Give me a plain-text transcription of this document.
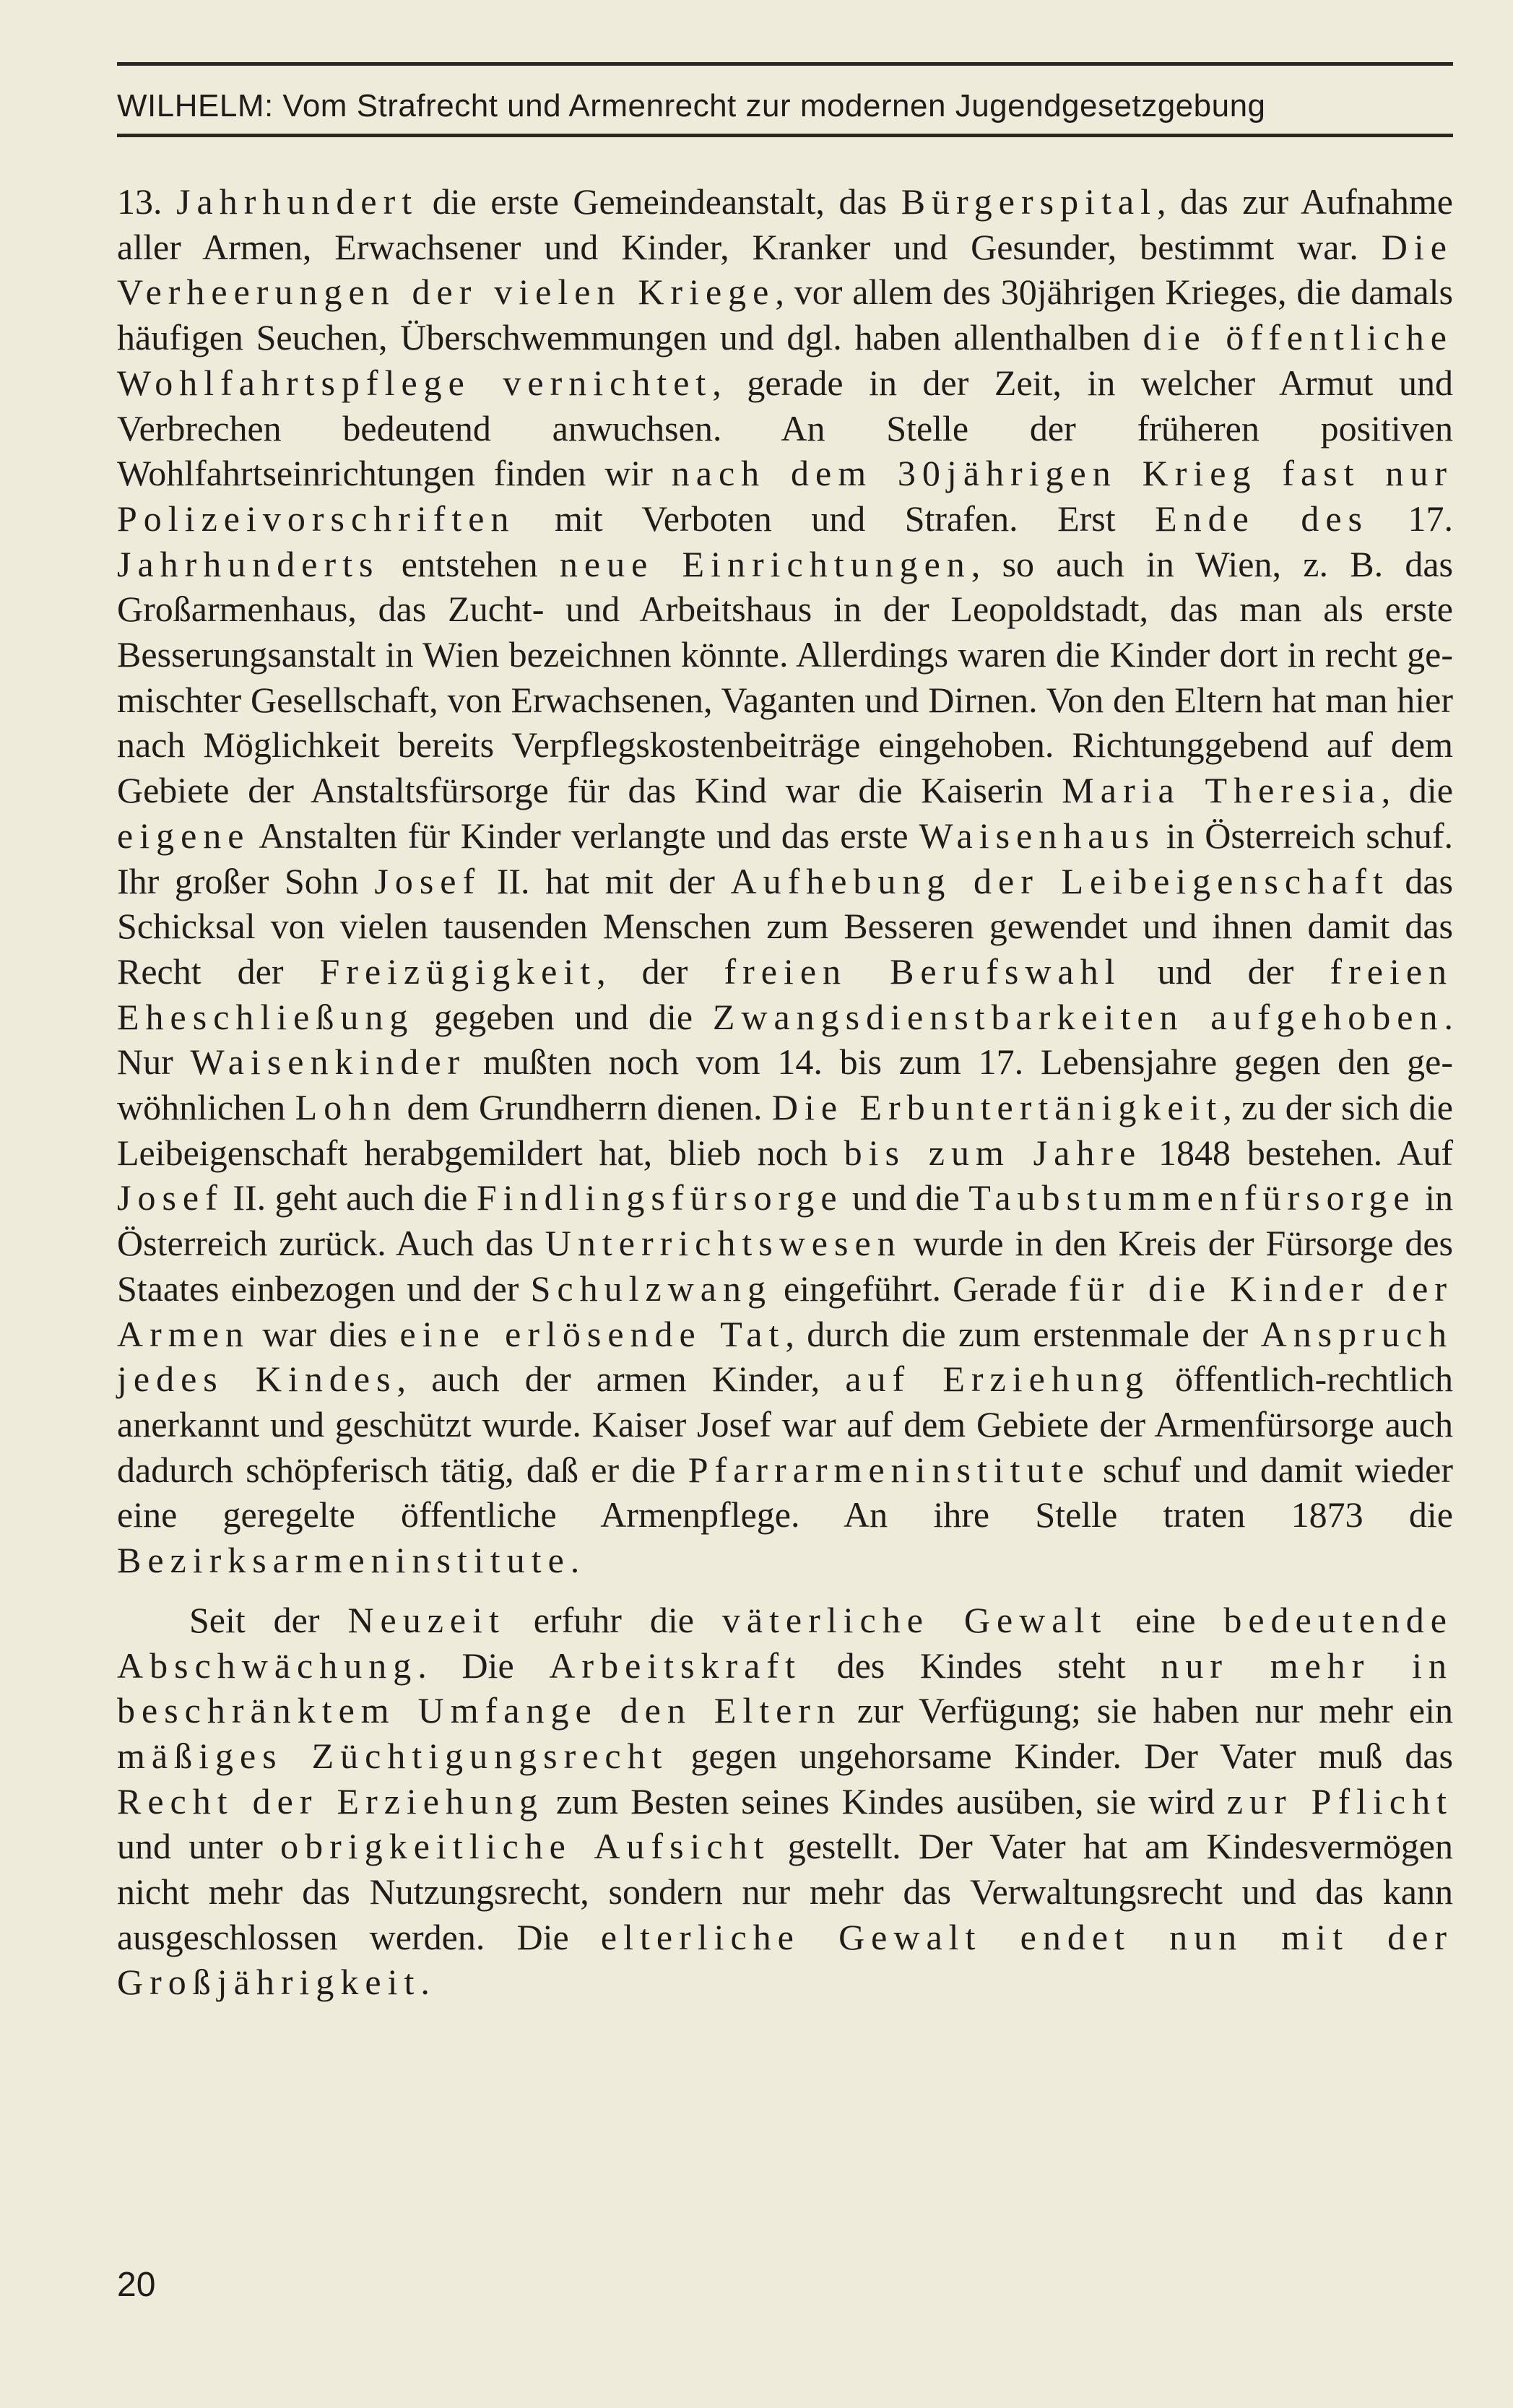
WILHELM: Vom Strafrecht und Armenrecht zur modernen Jugendgesetzgebung

13. Jahrhundert die erste Gemeindeanstalt, das Bürgerspital, das zur Aufnahme aller Armen, Erwachsener und Kinder, Kranker und Gesunder, bestimmt war. Die Verheerungen der vielen Kriege, vor allem des 30jährigen Krieges, die damals häufigen Seuchen, Überschwemmungen und dgl. haben allenthalben die öffentliche Wohlfahrtspflege vernichtet, gerade in der Zeit, in welcher Armut und Verbrechen bedeutend anwuchsen. An Stelle der früheren positiven Wohlfahrtseinrichtungen finden wir nach dem 30jährigen Krieg fast nur Polizeivorschriften mit Verboten und Strafen. Erst Ende des 17. Jahrhunderts entstehen neue Einrichtungen, so auch in Wien, z. B. das Großarmenhaus, das Zucht- und Arbeitshaus in der Leopoldstadt, das man als erste Besserungsanstalt in Wien bezeichnen könnte. Allerdings waren die Kinder dort in recht gemischter Gesellschaft, von Erwachsenen, Vaganten und Dirnen. Von den Eltern hat man hier nach Möglichkeit bereits Verpflegskostenbeiträge eingehoben. Richtunggebend auf dem Gebiete der Anstaltsfürsorge für das Kind war die Kaiserin Maria Theresia, die eigene Anstalten für Kinder verlangte und das erste Waisenhaus in Österreich schuf. Ihr großer Sohn Josef II. hat mit der Aufhebung der Leibeigenschaft das Schicksal von vielen tausenden Menschen zum Besseren gewendet und ihnen damit das Recht der Freizügigkeit, der freien Berufswahl und der freien Eheschließung gegeben und die Zwangsdienstbarkeiten aufgehoben. Nur Waisenkinder mußten noch vom 14. bis zum 17. Lebensjahre gegen den gewöhnlichen Lohn dem Grundherrn dienen. Die Erbuntertänigkeit, zu der sich die Leibeigenschaft herabgemildert hat, blieb noch bis zum Jahre 1848 bestehen. Auf Josef II. geht auch die Findlingsfürsorge und die Taubstummenfürsorge in Österreich zurück. Auch das Unterrichtswesen wurde in den Kreis der Fürsorge des Staates einbezogen und der Schulzwang eingeführt. Gerade für die Kinder der Armen war dies eine erlösende Tat, durch die zum erstenmale der Anspruch jedes Kindes, auch der armen Kinder, auf Erziehung öffentlich-rechtlich anerkannt und geschützt wurde. Kaiser Josef war auf dem Gebiete der Armenfürsorge auch dadurch schöpferisch tätig, daß er die Pfarrarmeninstitute schuf und damit wieder eine geregelte öffentliche Armenpflege. An ihre Stelle traten 1873 die Bezirksarmeninstitute.

Seit der Neuzeit erfuhr die väterliche Gewalt eine bedeutende Abschwächung. Die Arbeitskraft des Kindes steht nur mehr in beschränktem Umfange den Eltern zur Verfügung; sie haben nur mehr ein mäßiges Züchtigungsrecht gegen ungehorsame Kinder. Der Vater muß das Recht der Erziehung zum Besten seines Kindes ausüben, sie wird zur Pflicht und unter obrigkeitliche Aufsicht gestellt. Der Vater hat am Kindesvermögen nicht mehr das Nutzungsrecht, sondern nur mehr das Verwaltungsrecht und das kann ausgeschlossen werden. Die elterliche Gewalt endet nun mit der Großjährigkeit.

20
